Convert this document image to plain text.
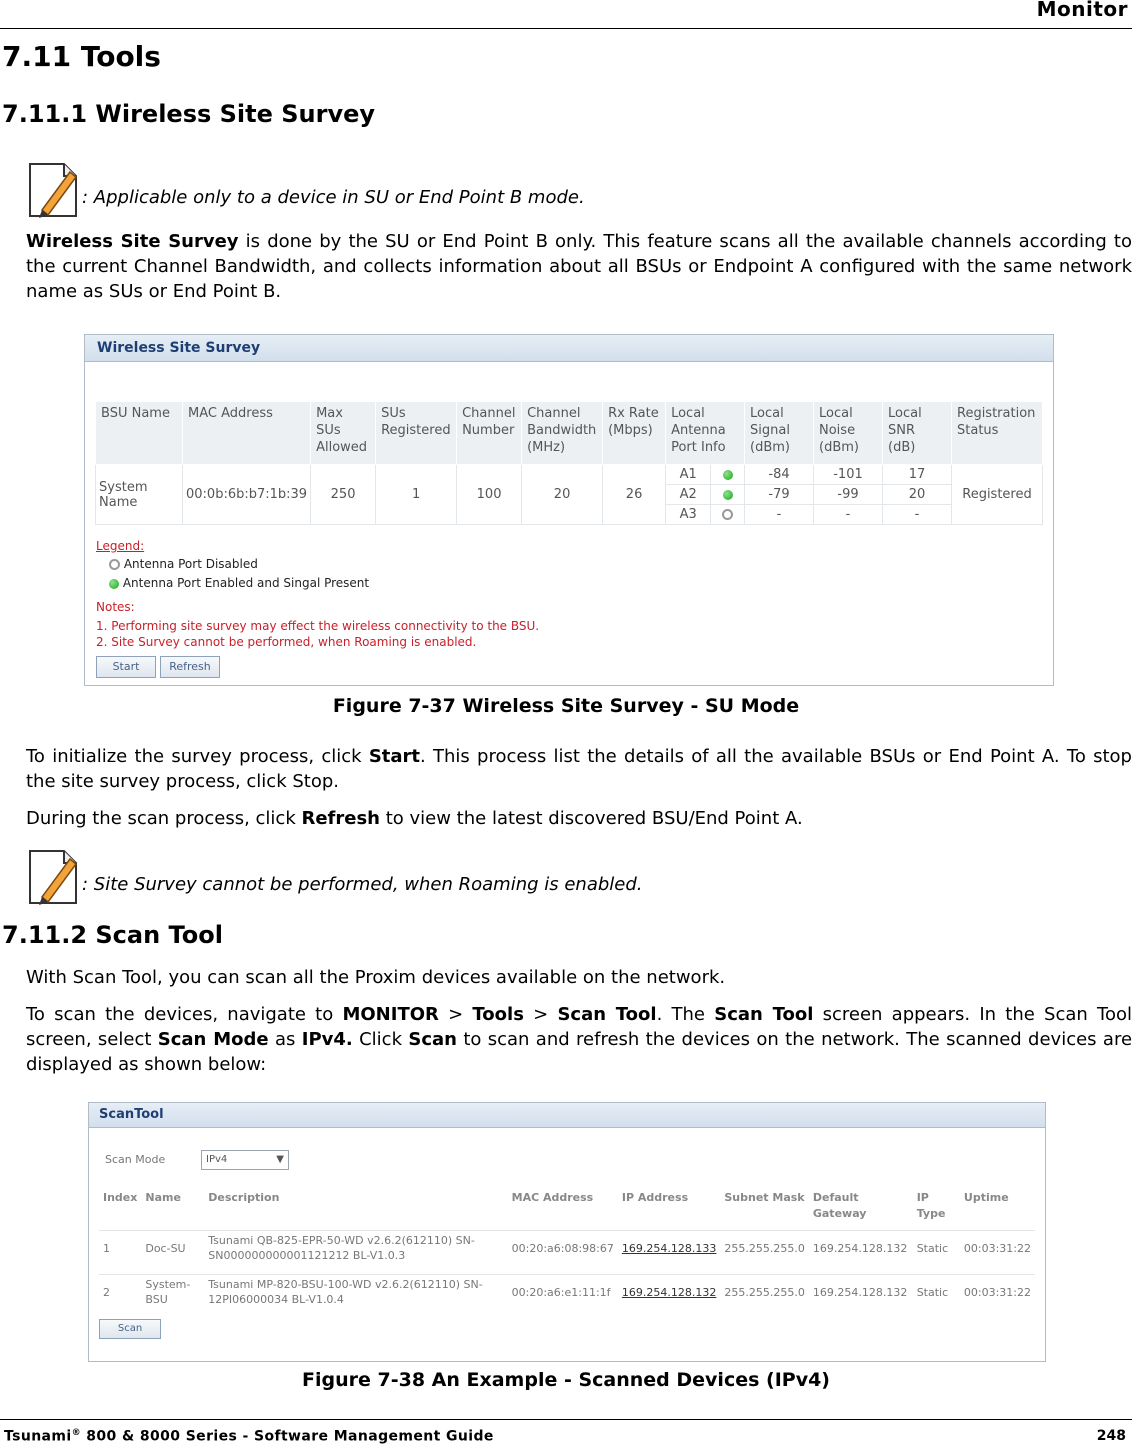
Monitor
7.11 Tools
7.11.1 Wireless Site Survey
: Applicable only to a device in SU or End Point B mode.
Wireless Site Survey is done by the SU or End Point B only. This feature scans all the available channels according to the current Channel Bandwidth, and collects information about all BSUs or Endpoint A configured with the same network name as SUs or End Point B.
Wireless Site Survey
BSU Name	MAC Address	Max SUs Allowed	SUs Registered	Channel Number	Channel Bandwidth (MHz)	Rx Rate (Mbps)	Local Antenna Port Info		Local Signal (dBm)	Local Noise (dBm)	Local SNR (dB)	Registration Status
System Name	00:0b:6b:b7:1b:39	250	1	100	20	26	A1		-84	-101	17	Registered
							A2		-79	-99	20	
							A3		-	-	-	
Legend:
Antenna Port Disabled
Antenna Port Enabled and Singal Present
Notes:
1. Performing site survey may effect the wireless connectivity to the BSU.
2. Site Survey cannot be performed, when Roaming is enabled.
Start	Refresh
Figure 7-37 Wireless Site Survey - SU Mode
To initialize the survey process, click Start. This process list the details of all the available BSUs or End Point A. To stop the site survey process, click Stop.
During the scan process, click Refresh to view the latest discovered BSU/End Point A.
: Site Survey cannot be performed, when Roaming is enabled.
7.11.2 Scan Tool
With Scan Tool, you can scan all the Proxim devices available on the network.
To scan the devices, navigate to MONITOR > Tools > Scan Tool. The Scan Tool screen appears. In the Scan Tool screen, select Scan Mode as IPv4. Click Scan to scan and refresh the devices on the network. The scanned devices are displayed as shown below:
ScanTool
Scan Mode	IPv4	▼
Index	Name	Description	MAC Address	IP Address	Subnet Mask	Default Gateway	IP Type	Uptime
1	Doc-SU	Tsunami QB-825-EPR-50-WD v2.6.2(612110) SN-SN000000000001121212 BL-V1.0.3	00:20:a6:08:98:67	169.254.128.133	255.255.255.0	169.254.128.132	Static	00:03:31:22
2	System-BSU	Tsunami MP-820-BSU-100-WD v2.6.2(612110) SN-12PI06000034 BL-V1.0.4	00:20:a6:e1:11:1f	169.254.128.132	255.255.255.0	169.254.128.132	Static	00:03:31:22
Scan
Figure 7-38 An Example - Scanned Devices (IPv4)
Tsunami® 800 & 8000 Series - Software Management Guide	248
